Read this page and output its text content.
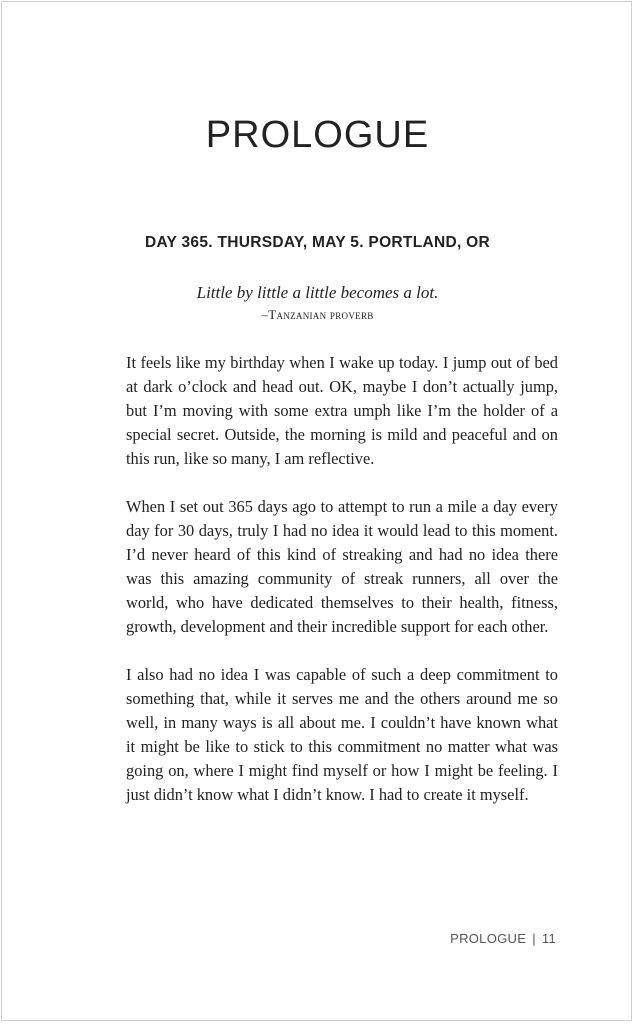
PROLOGUE
DAY 365. THURSDAY, MAY 5. PORTLAND, OR
Little by little a little becomes a lot.
–Tanzanian proverb

It feels like my birthday when I wake up today. I jump out of bed at dark o’clock and head out. OK, maybe I don’t actually jump, but I’m moving with some extra umph like I’m the holder of a special secret. Outside, the morning is mild and peaceful and on this run, like so many, I am reflective.

When I set out 365 days ago to attempt to run a mile a day every day for 30 days, truly I had no idea it would lead to this moment. I’d never heard of this kind of streaking and had no idea there was this amazing community of streak runners, all over the world, who have dedicated themselves to their health, fitness, growth, development and their incredible support for each other.

I also had no idea I was capable of such a deep commitment to something that, while it serves me and the others around me so well, in many ways is all about me. I couldn’t have known what it might be like to stick to this commitment no matter what was going on, where I might find myself or how I might be feeling. I just didn’t know what I didn’t know. I had to create it myself.

PROLOGUE | 11
